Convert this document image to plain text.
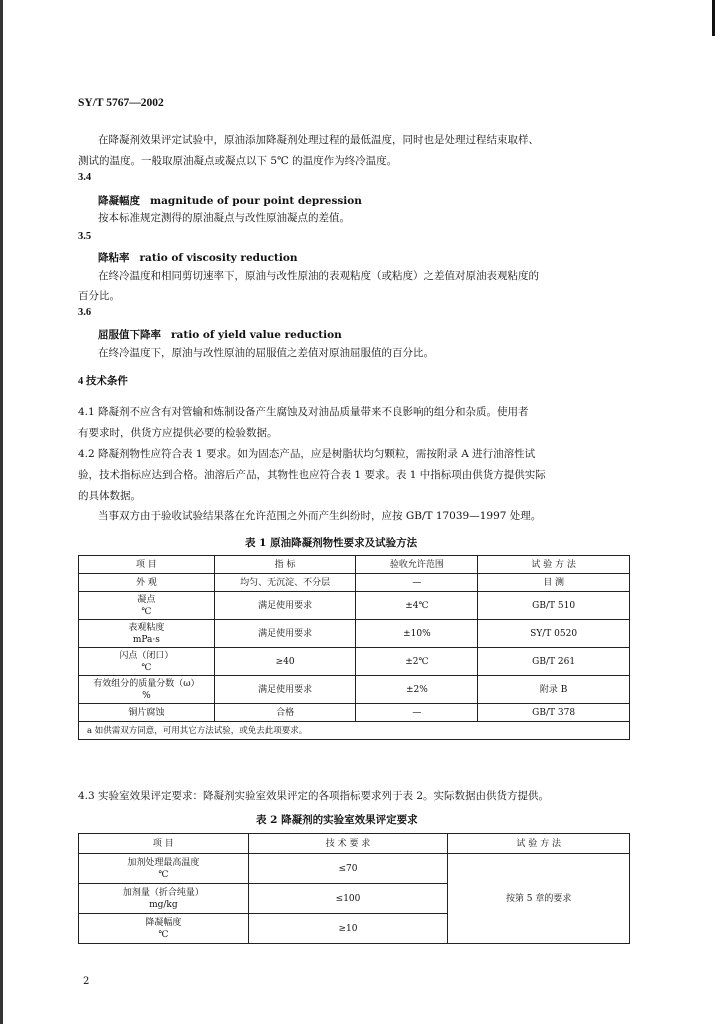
SY/T 5767—2002
在降凝剂效果评定试验中，原油添加降凝剂处理过程的最低温度，同时也是处理过程结束取样、
测试的温度。一般取原油凝点或凝点以下 5℃ 的温度作为终冷温度。
3.4
降凝幅度 magnitude of pour point depression
按本标准规定测得的原油凝点与改性原油凝点的差值。
3.5
降粘率 ratio of viscosity reduction
在终冷温度和相同剪切速率下，原油与改性原油的表观粘度（或粘度）之差值对原油表观粘度的
百分比。
3.6
屈服值下降率 ratio of yield value reduction
在终冷温度下，原油与改性原油的屈服值之差值对原油屈服值的百分比。
4 技术条件
4.1 降凝剂不应含有对管输和炼制设备产生腐蚀及对油品质量带来不良影响的组分和杂质。使用者
有要求时，供货方应提供必要的检验数据。
4.2 降凝剂物性应符合表 1 要求。如为固态产品，应是树脂状均匀颗粒，需按附录 A 进行油溶性试
验，技术指标应达到合格。油溶后产品，其物性也应符合表 1 要求。表 1 中指标项由供货方提供实际
的具体数据。
当事双方由于验收试验结果落在允许范围之外而产生纠纷时，应按 GB/T 17039—1997 处理。
表 1 原油降凝剂物性要求及试验方法
项 目	指 标	验收允许范围	试 验 方 法
外 观	均匀、无沉淀、不分层	—	目 测

凝点
℃	满足使用要求	±4℃	GB/T 510

表观粘度
mPa·s	满足使用要求	±10%	SY/T 0520

闪点（闭口）
℃	≥40	±2℃	GB/T 261

有效组分的质量分数（ω）
%	满足使用要求	±2%	附录 B
铜片腐蚀	合格	—	GB/T 378
a 如供需双方同意，可用其它方法试验，或免去此项要求。			
4.3 实验室效果评定要求：降凝剂实验室效果评定的各项指标要求列于表 2。实际数据由供货方提供。
表 2 降凝剂的实验室效果评定要求
项 目	技 术 要 求	试 验 方 法

加剂处理最高温度
℃	≤70	按第 5 章的要求

加剂量（折合纯量）
mg/kg	≤100	

降凝幅度
℃	≥10	
2
